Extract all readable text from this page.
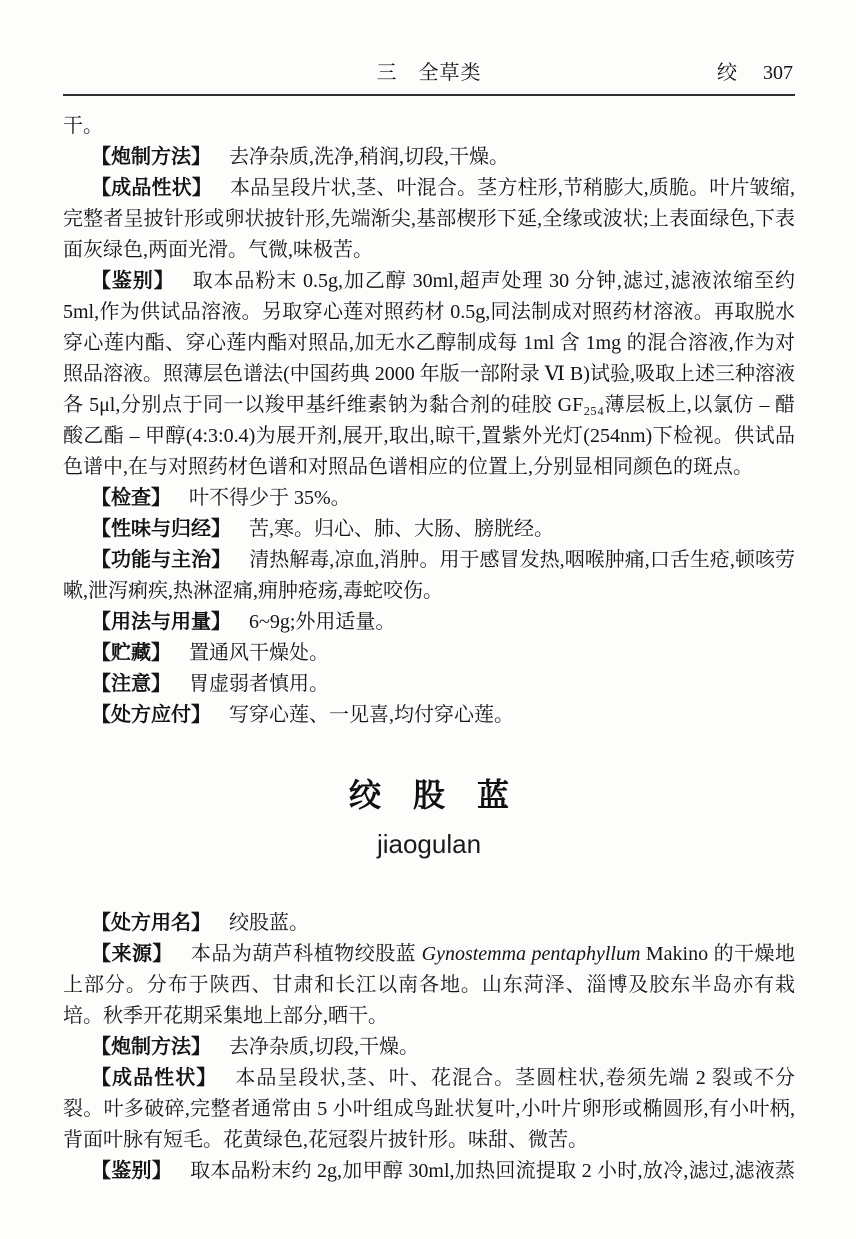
三　全草类	绞 307

干。

【炮制方法】 去净杂质,洗净,稍润,切段,干燥。

【成品性状】 本品呈段片状,茎、叶混合。茎方柱形,节稍膨大,质脆。叶片皱缩,完整者呈披针形或卵状披针形,先端渐尖,基部楔形下延,全缘或波状;上表面绿色,下表面灰绿色,两面光滑。气微,味极苦。

【鉴别】 取本品粉末 0.5g,加乙醇 30ml,超声处理 30 分钟,滤过,滤液浓缩至约 5ml,作为供试品溶液。另取穿心莲对照药材 0.5g,同法制成对照药材溶液。再取脱水穿心莲内酯、穿心莲内酯对照品,加无水乙醇制成每 1ml 含 1mg 的混合溶液,作为对照品溶液。照薄层色谱法(中国药典 2000 年版一部附录 Ⅵ B)试验,吸取上述三种溶液各 5μl,分别点于同一以羧甲基纤维素钠为黏合剂的硅胶 GF₂₅₄薄层板上,以氯仿 – 醋酸乙酯 – 甲醇(4:3:0.4)为展开剂,展开,取出,晾干,置紫外光灯(254nm)下检视。供试品色谱中,在与对照药材色谱和对照品色谱相应的位置上,分别显相同颜色的斑点。

【检查】 叶不得少于 35%。

【性味与归经】 苦,寒。归心、肺、大肠、膀胱经。

【功能与主治】 清热解毒,凉血,消肿。用于感冒发热,咽喉肿痛,口舌生疮,顿咳劳嗽,泄泻痢疾,热淋涩痛,痈肿疮疡,毒蛇咬伤。

【用法与用量】 6~9g;外用适量。

【贮藏】 置通风干燥处。

【注意】 胃虚弱者慎用。

【处方应付】 写穿心莲、一见喜,均付穿心莲。

绞　股　蓝
jiaogulan

【处方用名】 绞股蓝。

【来源】 本品为葫芦科植物绞股蓝 Gynostemma pentaphyllum Makino 的干燥地上部分。分布于陕西、甘肃和长江以南各地。山东菏泽、淄博及胶东半岛亦有栽培。秋季开花期采集地上部分,晒干。

【炮制方法】 去净杂质,切段,干燥。

【成品性状】 本品呈段状,茎、叶、花混合。茎圆柱状,卷须先端 2 裂或不分裂。叶多破碎,完整者通常由 5 小叶组成鸟趾状复叶,小叶片卵形或椭圆形,有小叶柄,背面叶脉有短毛。花黄绿色,花冠裂片披针形。味甜、微苦。

【鉴别】 取本品粉末约 2g,加甲醇 30ml,加热回流提取 2 小时,放冷,滤过,滤液蒸
